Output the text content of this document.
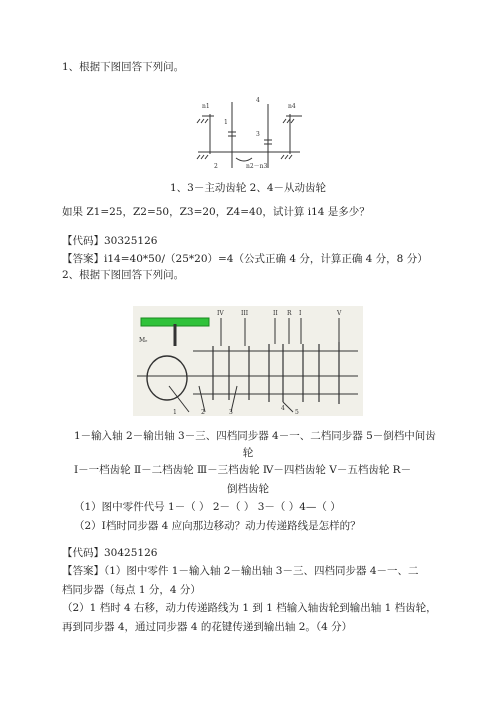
1、根据下图回答下列问。
n1
1
4
n4
3
2	n2－n3
1、3－主动齿轮 2、4－从动齿轮
如果 Z1=25，Z2=50，Z3=20，Z4=40，试计算 i14 是多少？
【代码】30325126
【答案】i14=40*50/（25*20）=4（公式正确 4 分，计算正确 4 分，8 分）
2、根据下图回答下列问。
Mₑ
IV	III	II R I	V
1	2	3
4
5
1－输入轴 2－输出轴 3－三、四档同步器 4－一、二档同步器 5－倒档中间齿
轮
Ⅰ－一档齿轮 Ⅱ－二档齿轮 Ⅲ－三档齿轮 Ⅳ－四档齿轮 Ⅴ－五档齿轮 R－
倒档齿轮
（1）图中零件代号 1－（ ） 2－（ ） 3－（ ）4—（ ）
（2）Ⅰ档时同步器 4 应向那边移动？动力传递路线是怎样的？
【代码】30425126
【答案】（1）图中零件 1－输入轴 2－输出轴 3－三、四档同步器 4－一、二
档同步器（每点 1 分，4 分）
（2）1 档时 4 右移，动力传递路线为 1 到 1 档输入轴齿轮到输出轴 1 档齿轮，
再到同步器 4，通过同步器 4 的花键传递到输出轴 2。（4 分）
